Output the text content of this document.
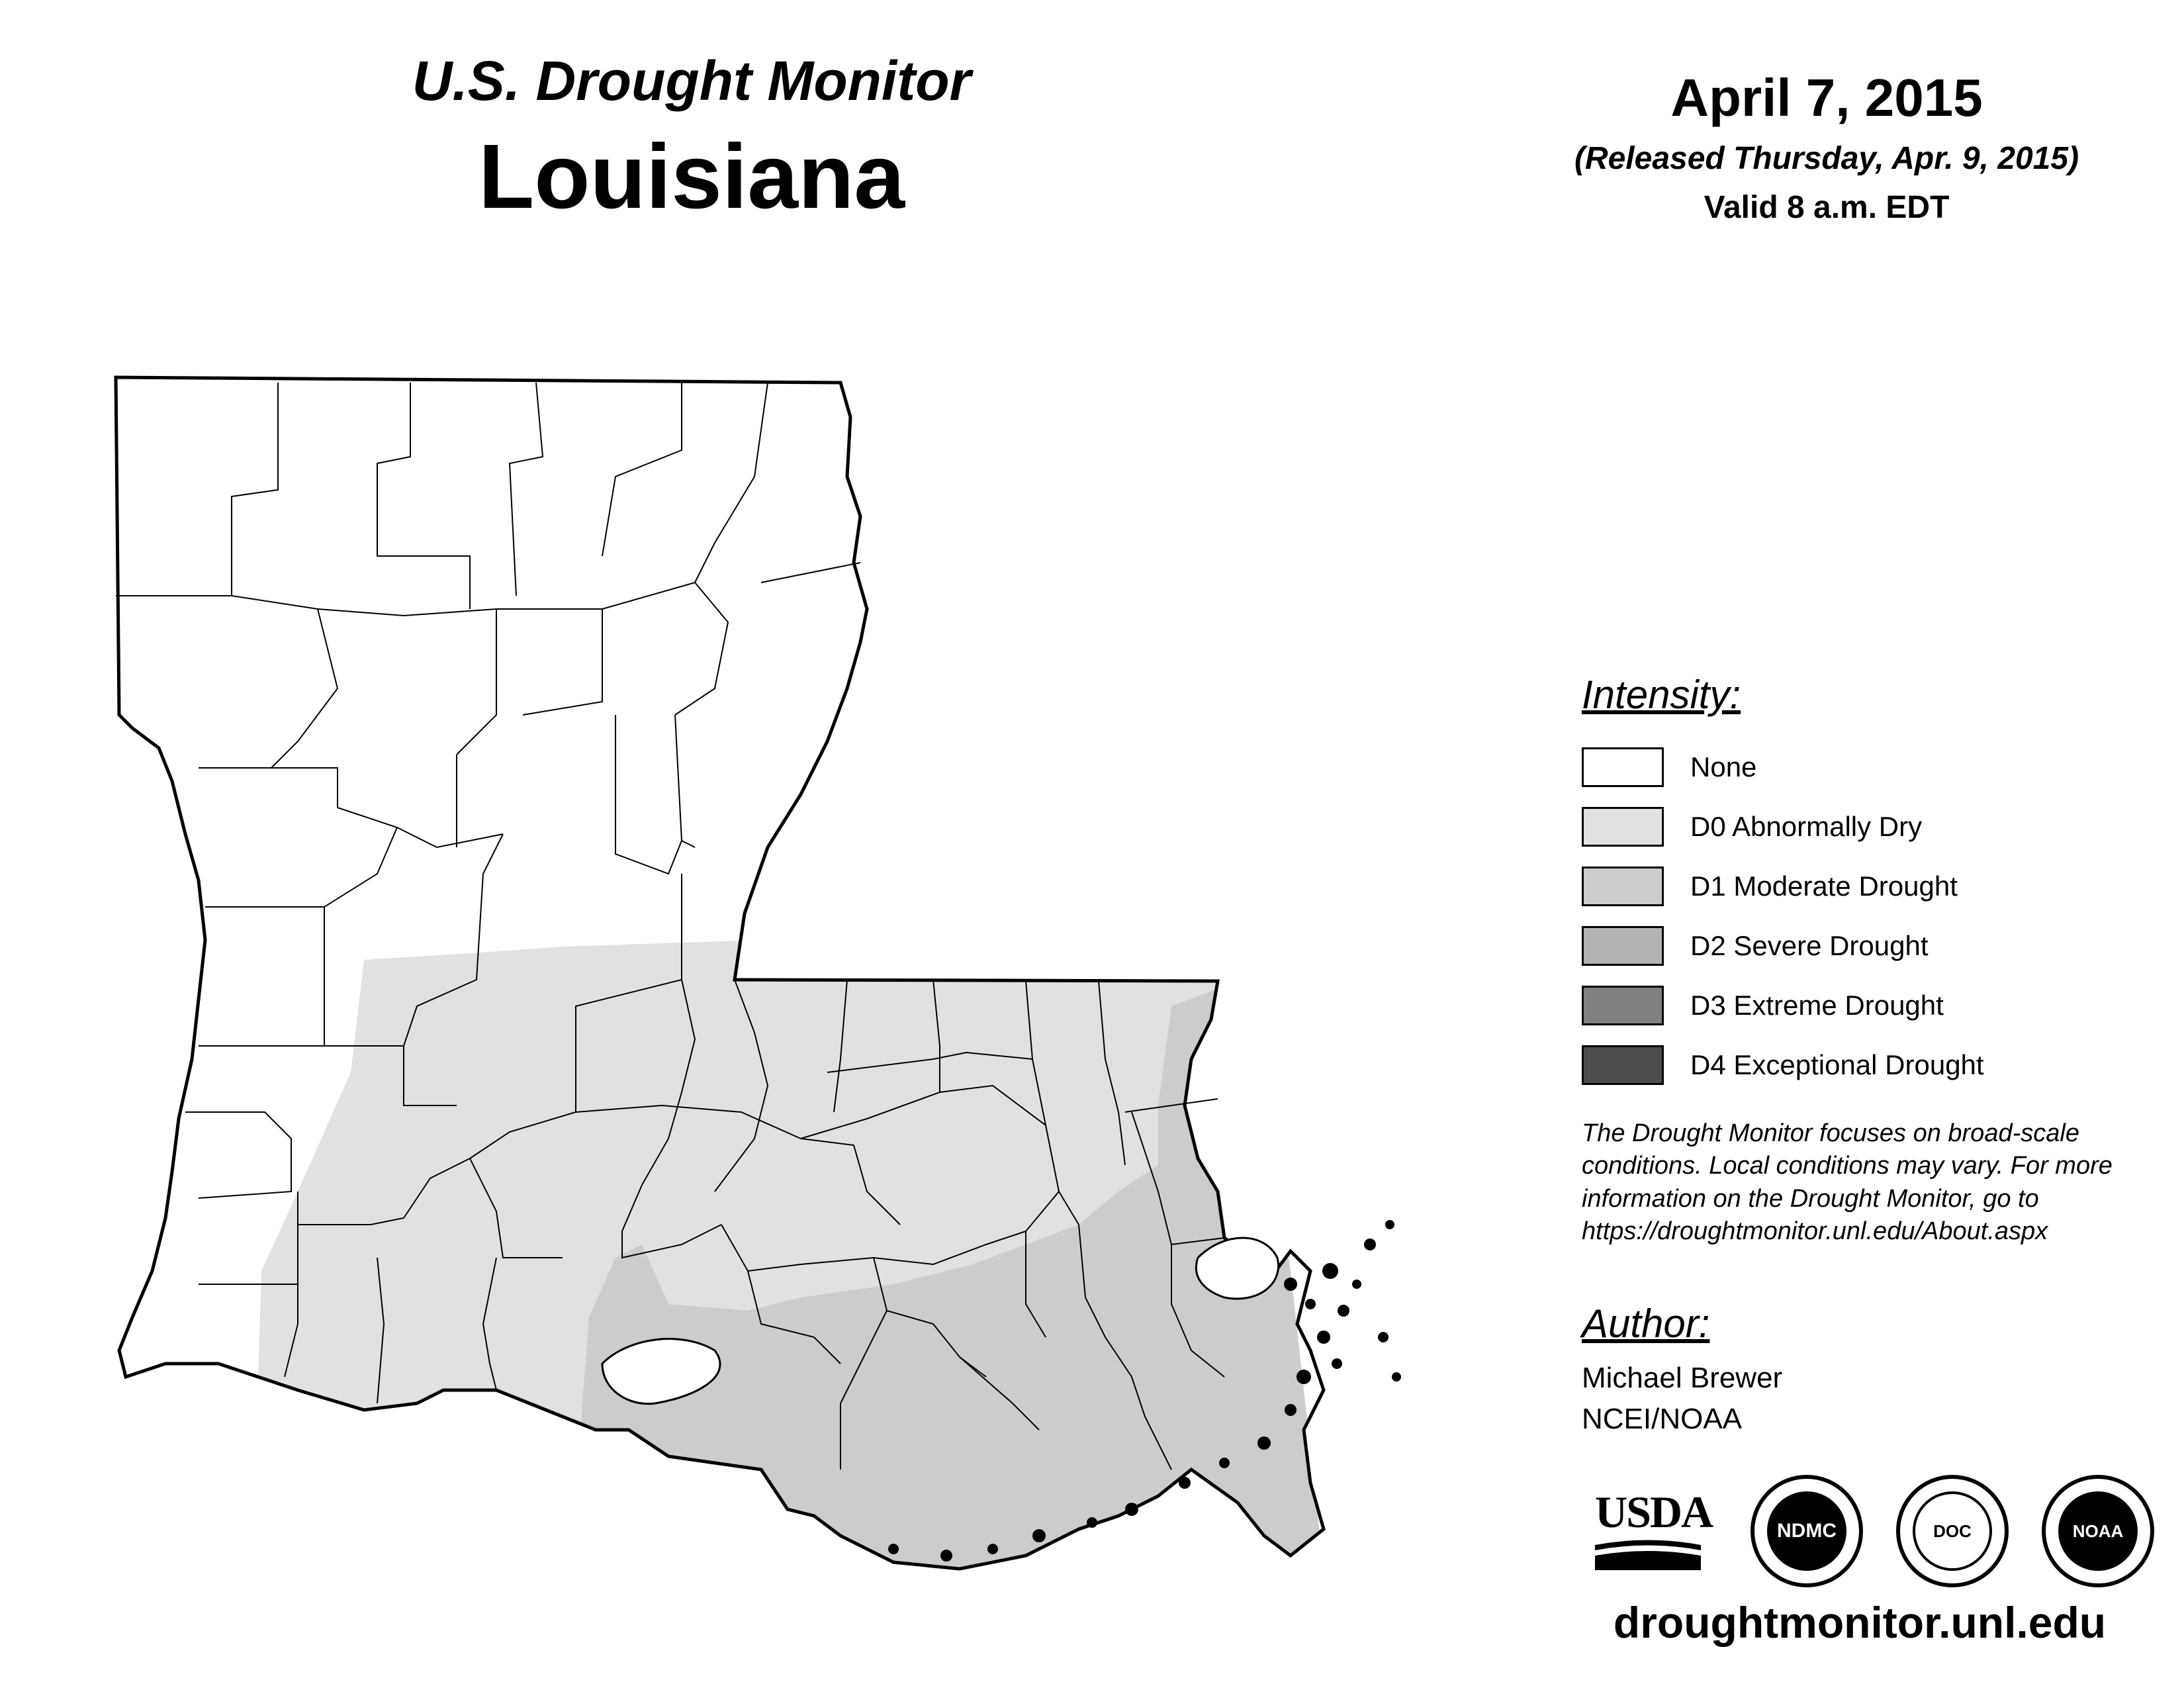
U.S. Drought Monitor
Louisiana
April 7, 2015
(Released Thursday, Apr. 9, 2015)
Valid 8 a.m. EDT
Intensity:
None
D0 Abnormally Dry
D1 Moderate Drought
D2 Severe Drought
D3 Extreme Drought
D4 Exceptional Drought
The Drought Monitor focuses on broad-scale conditions. Local conditions may vary. For more information on the Drought Monitor, go to https://droughtmonitor.unl.edu/About.aspx
Author:
Michael Brewer
NCEI/NOAA
USDA	NDMC	DOC	NOAA
droughtmonitor.unl.edu
